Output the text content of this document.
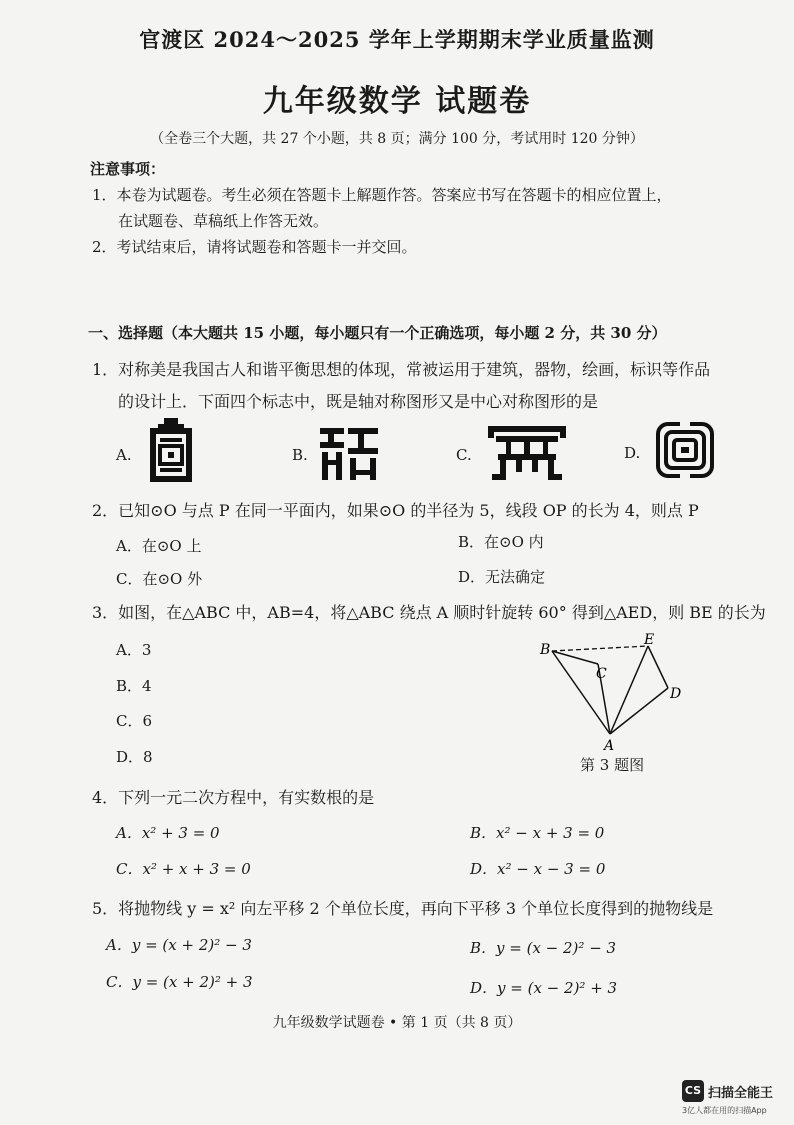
官渡区 2024～2025 学年上学期期末学业质量监测
九年级数学 试题卷
（全卷三个大题，共 27 个小题，共 8 页；满分 100 分，考试用时 120 分钟）
注意事项：
1．本卷为试题卷。考生必须在答题卡上解题作答。答案应书写在答题卡的相应位置上，
在试题卷、草稿纸上作答无效。
2．考试结束后，请将试题卷和答题卡一并交回。
一、选择题（本大题共 15 小题，每小题只有一个正确选项，每小题 2 分，共 30 分）
1．对称美是我国古人和谐平衡思想的体现，常被运用于建筑，器物，绘画，标识等作品
的设计上．下面四个标志中，既是轴对称图形又是中心对称图形的是
A.	B.	C.	D.
2．已知⊙O 与点 P 在同一平面内，如果⊙O 的半径为 5，线段 OP 的长为 4，则点 P
A．在⊙O 上	B．在⊙O 内
C．在⊙O 外	D．无法确定
3．如图，在△ABC 中，AB=4，将△ABC 绕点 A 顺时针旋转 60° 得到△AED，则 BE 的长为
A．3
B．4
C．6
D．8
B
C
E
D
A
第 3 题图
4．下列一元二次方程中，有实数根的是
A．x² + 3 = 0	B．x² − x + 3 = 0
C．x² + x + 3 = 0	D．x² − x − 3 = 0
5．将抛物线 y = x² 向左平移 2 个单位长度，再向下平移 3 个单位长度得到的抛物线是
A．y = (x + 2)² − 3	B．y = (x − 2)² − 3
C．y = (x + 2)² + 3	D．y = (x − 2)² + 3
九年级数学试题卷 • 第 1 页（共 8 页）
CS 扫描全能王
3亿人都在用的扫描App
